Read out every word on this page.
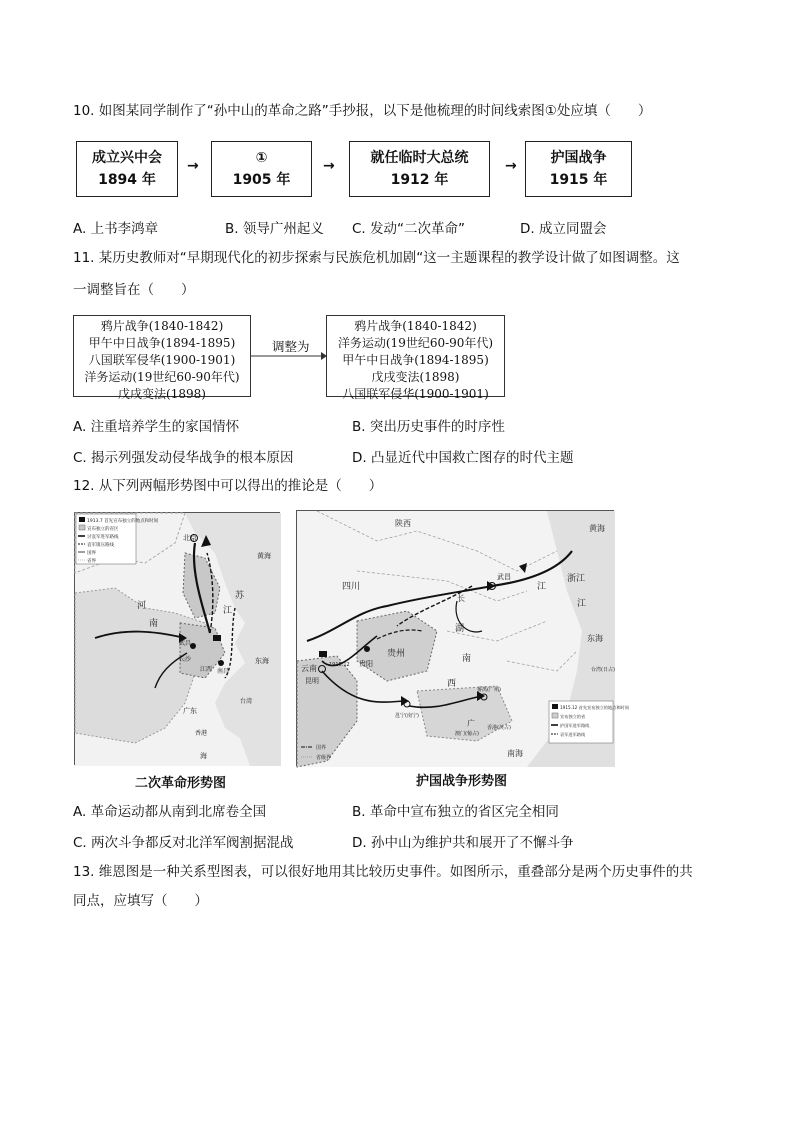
10. 如图某同学制作了“孙中山的革命之路”手抄报，以下是他梳理的时间线索图①处应填（　　）
成立兴中会
1894 年
→	①
1905 年
→	就任临时大总统
1912 年
→	护国战争
1915 年
A. 上书李鸿章	B. 领导广州起义 C. 发动“二次革命”	D. 成立同盟会
11. 某历史教师对“早期现代化的初步探索与民族危机加剧“这一主题课程的教学设计做了如图调整。这
一调整旨在（　　）
鸦片战争(1840-1842)
甲午中日战争(1894-1895)
八国联军侵华(1900-1901)
洋务运动(19世纪60-90年代)
戊戌变法(1898)
调整为
鸦片战争(1840-1842)
洋务运动(19世纪60-90年代)
甲午中日战争(1894-1895)
戊戌变法(1898)
八国联军侵华(1900-1901)
A. 注重培养学生的家国情怀	B. 突出历史事件的时序性
C. 揭示列强发动侵华战争的根本原因	D. 凸显近代中国救亡图存的时代主题
12. 从下列两幅形势图中可以得出的推论是（　　）
1913.7 首先宣布独立的地点和时间
宣布独立的省区
讨袁军进军路线
袁军镇压路线
国界
省界
北京
河
南
江
苏
武昌
长沙
江西 南昌
广东
香港
台湾
东海
黄海
海
二次革命形势图
陕西
四川
长
江
武昌
湖
南
贵州
贵阳
浙江
江
西
云南
昆明
1915.12
广
邕宁(南宁)
番禺(广州)
澳门(葡占)
香港(英占)
台湾(日占)
黄海
东海
南海
1915.12 首先宣布独立的地点和时间
宣布独立的省
护国军进军路线
袁军进军路线
国界
省级界
护国战争形势图
A. 革命运动都从南到北席卷全国	B. 革命中宣布独立的省区完全相同
C. 两次斗争都反对北洋军阀割据混战	D. 孙中山为维护共和展开了不懈斗争
13. 维恩图是一种关系型图表，可以很好地用其比较历史事件。如图所示，重叠部分是两个历史事件的共
同点，应填写（　　）
